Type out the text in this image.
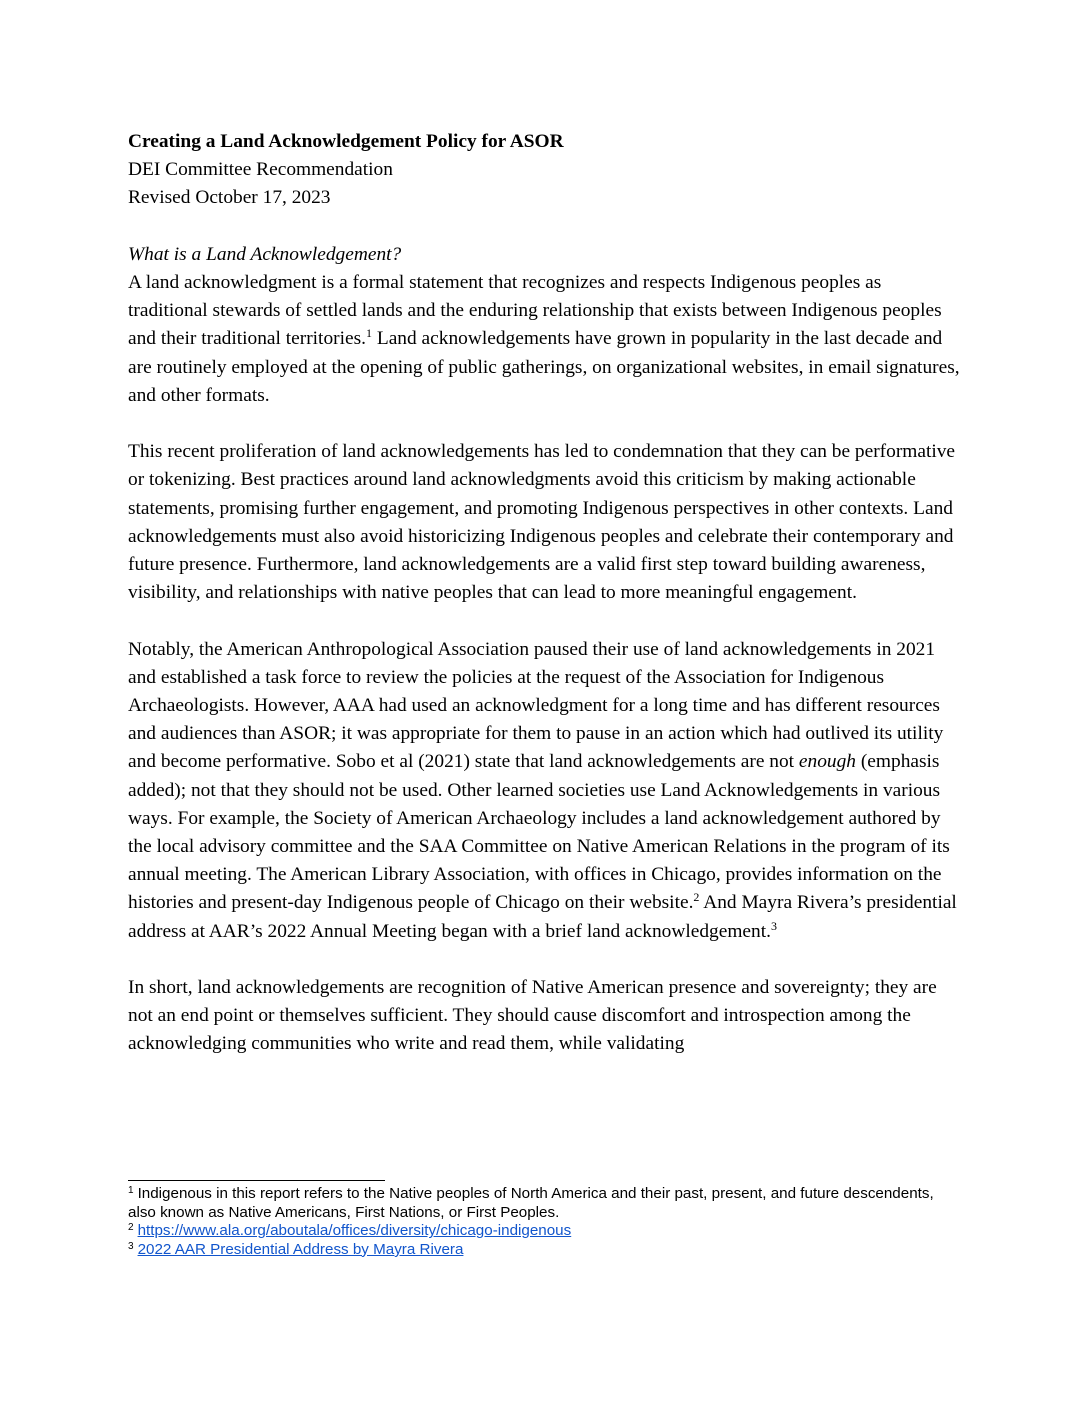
Creating a Land Acknowledgement Policy for ASOR
DEI Committee Recommendation
Revised October 17, 2023
What is a Land Acknowledgement?

A land acknowledgment is a formal statement that recognizes and respects Indigenous peoples as traditional stewards of settled lands and the enduring relationship that exists between Indigenous peoples and their traditional territories.$^1$ Land acknowledgements have grown in popularity in the last decade and are routinely employed at the opening of public gatherings, on organizational websites, in email signatures, and other formats.

This recent proliferation of land acknowledgements has led to condemnation that they can be performative or tokenizing. Best practices around land acknowledgments avoid this criticism by making actionable statements, promising further engagement, and promoting Indigenous perspectives in other contexts. Land acknowledgements must also avoid historicizing Indigenous peoples and celebrate their contemporary and future presence. Furthermore, land acknowledgements are a valid first step toward building awareness, visibility, and relationships with native peoples that can lead to more meaningful engagement.

Notably, the American Anthropological Association paused their use of land acknowledgements in 2021 and established a task force to review the policies at the request of the Association for Indigenous Archaeologists. However, AAA had used an acknowledgment for a long time and has different resources and audiences than ASOR; it was appropriate for them to pause in an action which had outlived its utility and become performative. Sobo et al (2021) state that land acknowledgements are not enough (emphasis added); not that they should not be used. Other learned societies use Land Acknowledgements in various ways. For example, the Society of American Archaeology includes a land acknowledgement authored by the local advisory committee and the SAA Committee on Native American Relations in the program of its annual meeting. The American Library Association, with offices in Chicago, provides information on the histories and present-day Indigenous people of Chicago on their website.$^2$ And Mayra Rivera’s presidential address at AAR’s 2022 Annual Meeting began with a brief land acknowledgement.$^3$

In short, land acknowledgements are recognition of Native American presence and sovereignty; they are not an end point or themselves sufficient. They should cause discomfort and introspection among the acknowledging communities who write and read them, while validating

$^1$ Indigenous in this report refers to the Native peoples of North America and their past, present, and future descendents, also known as Native Americans, First Nations, or First Peoples.
$^2$ https://www.ala.org/aboutala/offices/diversity/chicago-indigenous
$^3$ 2022 AAR Presidential Address by Mayra Rivera
